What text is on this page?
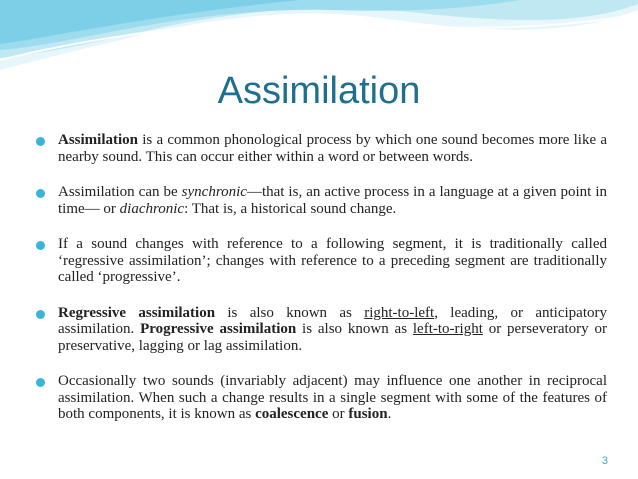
Assimilation
Assimilation is a common phonological process by which one sound becomes more like a nearby sound. This can occur either within a word or between words.
Assimilation can be synchronic—that is, an active process in a language at a given point in time— or diachronic: That is, a historical sound change.
If a sound changes with reference to a following segment, it is traditionally called ‘regressive assimilation’; changes with reference to a preceding segment are traditionally called ‘progressive’.
Regressive assimilation is also known as right-to-left, leading, or anticipatory assimilation. Progressive assimilation is also known as left-to-right or perseveratory or preservative, lagging or lag assimilation.
Occasionally two sounds (invariably adjacent) may influence one another in reciprocal assimilation. When such a change results in a single segment with some of the features of both components, it is known as coalescence or fusion.
3
